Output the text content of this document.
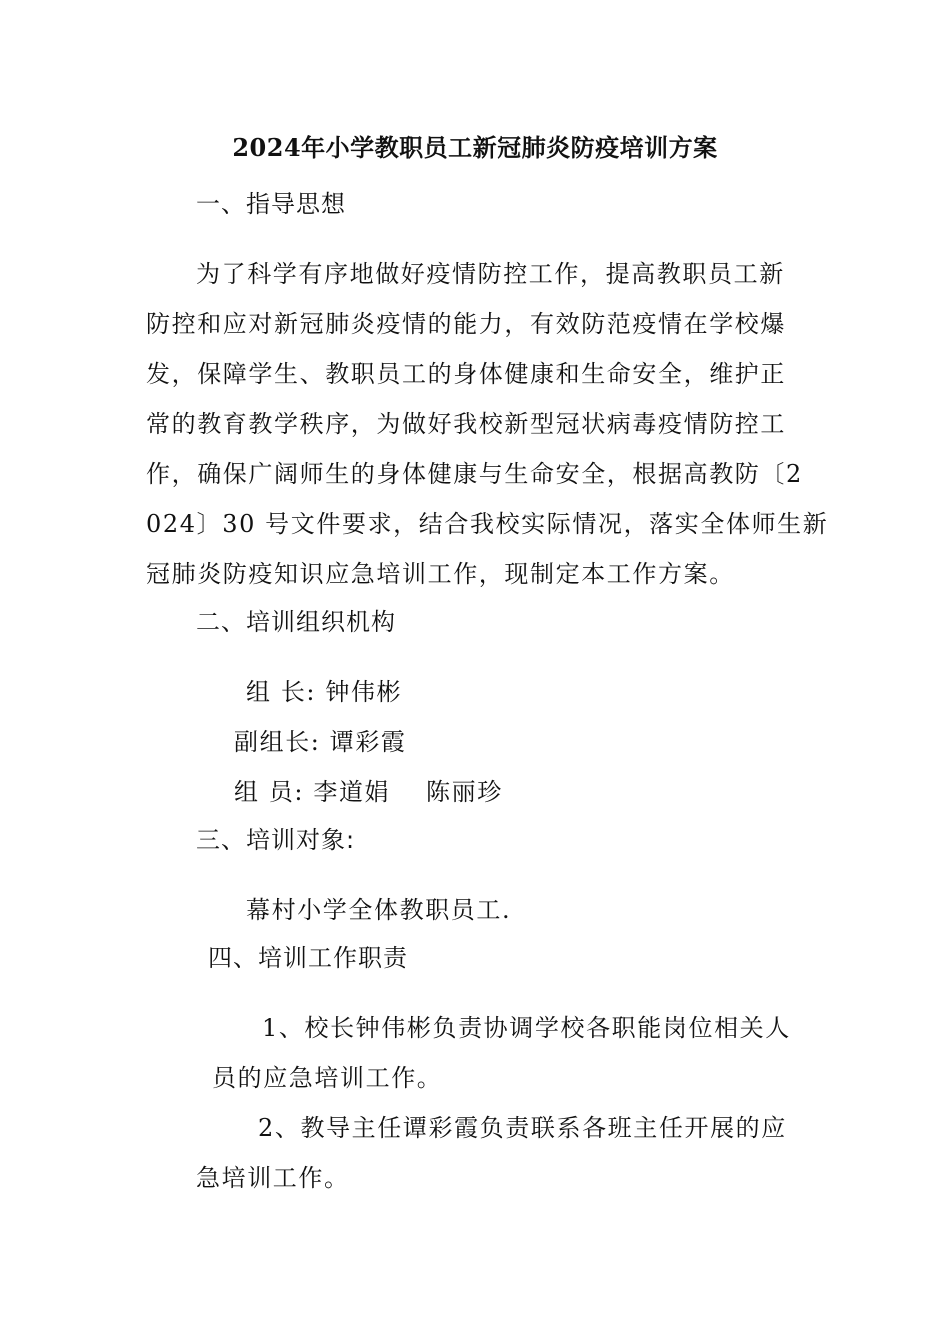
2024年小学教职员工新冠肺炎防疫培训方案
一、指导思想
为了科学有序地做好疫情防控工作，提高教职员工新
防控和应对新冠肺炎疫情的能力，有效防范疫情在学校爆
发，保障学生、教职员工的身体健康和生命安全，维护正
常的教育教学秩序，为做好我校新型冠状病毒疫情防控工
作，确保广阔师生的身体健康与生命安全，根据高教防〔2
024〕30 号文件要求，结合我校实际情况，落实全体师生新
冠肺炎防疫知识应急培训工作，现制定本工作方案。
二、培训组织机构
组 长: 钟伟彬
副组长: 谭彩霞
组 员: 李道娟 陈丽珍
三、培训对象:
幕村小学全体教职员工.
四、培训工作职责
1、校长钟伟彬负责协调学校各职能岗位相关人
员的应急培训工作。
2、教导主任谭彩霞负责联系各班主任开展的应
急培训工作。
